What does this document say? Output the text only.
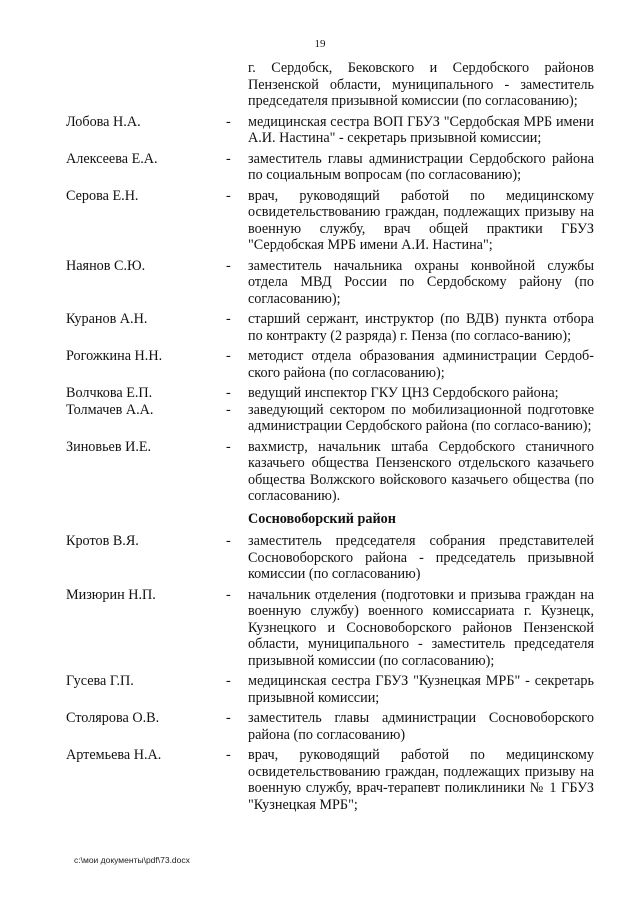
19
г. Сердобск, Бековского и Сердобского районов Пензенской области, муниципального - заместитель председателя призывной комиссии (по согласованию);
Лобова Н.А.	-	медицинская сестра ВОП ГБУЗ "Сердобская МРБ имени А.И. Настина" - секретарь призывной комиссии;
Алексеева Е.А.	-	заместитель главы администрации Сердобского района по социальным вопросам (по согласованию);
Серова Е.Н.	-	врач, руководящий работой по медицинскому освидетельствованию граждан, подлежащих призыву на военную службу, врач общей практики ГБУЗ "Сердобская МРБ имени А.И. Настина";
Наянов С.Ю.	-	заместитель начальника охраны конвойной службы отдела МВД России по Сердобскому району (по согласованию);
Куранов А.Н.	-	старший сержант, инструктор (по ВДВ) пункта отбора по контракту (2 разряда) г. Пенза (по согласо-ванию);
Рогожкина Н.Н.	-	методист отдела образования администрации Сердоб-ского района (по согласованию);
Волчкова Е.П.	-	ведущий инспектор ГКУ ЦНЗ Сердобского района;
Толмачев А.А.	-	заведующий сектором по мобилизационной подготовке администрации Сердобского района (по согласо-ванию);
Зиновьев И.Е.	-	вахмистр, начальник штаба Сердобского станичного казачьего общества Пензенского отдельского казачьего общества Волжского войскового казачьего общества (по согласованию).
Сосновоборский район
Кротов В.Я.	-	заместитель председателя собрания представителей Сосновоборского района - председатель призывной комиссии (по согласованию)
Мизюрин Н.П.	-	начальник отделения (подготовки и призыва граждан на военную службу) военного комиссариата г. Кузнецк, Кузнецкого и Сосновоборского районов Пензенской области, муниципального - заместитель председателя призывной комиссии (по согласованию);
Гусева Г.П.	-	медицинская сестра ГБУЗ "Кузнецкая МРБ" - секретарь призывной комиссии;
Столярова О.В.	-	заместитель главы администрации Сосновоборского района (по согласованию)
Артемьева Н.А.	-	врач, руководящий работой по медицинскому освидетельствованию граждан, подлежащих призыву на военную службу, врач-терапевт поликлиники № 1 ГБУЗ "Кузнецкая МРБ";
c:\мои документы\pdf\73.docx
